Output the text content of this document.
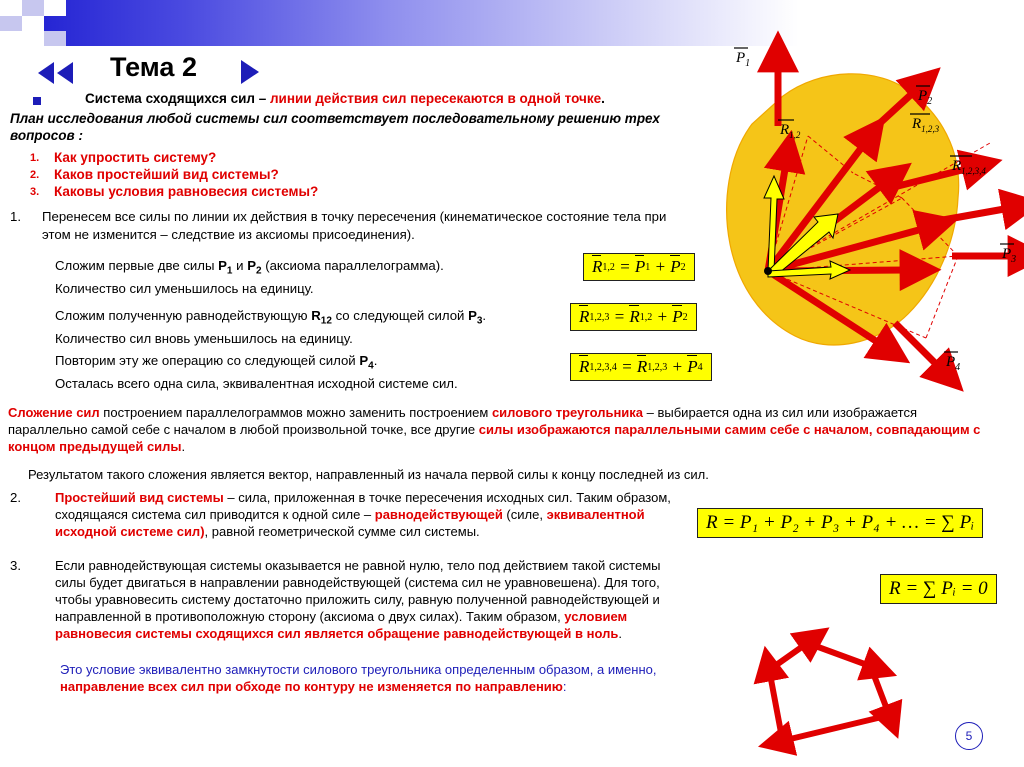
Тема 2
Система сходящихся сил – линии действия сил пересекаются в одной точке.
План исследования любой системы сил соответствует последовательному решению трех вопросов :
1.	Как упростить систему?
2.	Каков простейший вид системы?
3.	Каковы условия равновесия системы?
1.	Перенесем все силы по линии их действия в точку пересечения (кинематическое состояние тела при этом не изменится – следствие из аксиомы присоединения).
Сложим первые две силы $P_1$ и $P_2$ (аксиома параллелограмма).
Количество сил уменьшилось на единицу.
Сложим полученную равнодействующую $R_{12}$ со следующей силой $P_3$.
Количество сил вновь уменьшилось на единицу.
Повторим эту же операцию со следующей силой $P_4$.
Осталась всего одна сила, эквивалентная исходной системе сил.
R 1,2 = P 1 + P 2
R 1,2,3 = R 1,2 + P 2
R 1,2,3,4 = R 1,2,3 + P 4
R = P₁ + P₂ + P₃ + P₄ + … = ∑ Pᵢ
R = ∑ Pᵢ = 0
Сложение сил построением параллелограммов можно заменить построением силового треугольника – выбирается одна из сил или изображается параллельно самой себе с началом в любой произвольной точке, все другие силы изображаются параллельными самим себе с началом, совпадающим с концом предыдущей силы.
Результатом такого сложения является вектор, направленный из начала первой силы к концу последней из сил.
2.	Простейший вид системы – сила, приложенная в точке пересечения исходных сил. Таким образом, сходящаяся система сил приводится к одной силе – равнодействующей (силе, эквивалентной исходной системе сил), равной геометрической сумме сил системы.
3.	Если равнодействующая системы оказывается не равной нулю, тело под действием такой системы силы будет двигаться в направлении равнодействующей (система сил не уравновешена). Для того, чтобы уравновесить систему достаточно приложить силу, равную полученной равнодействующей и направленной в противоположную сторону (аксиома о двух силах). Таким образом, условием равновесия системы сходящихся сил является обращение равнодействующей в ноль.
Это условие эквивалентно замкнутости силового треугольника определенным образом, а именно, направление всех сил при обходе по контуру не изменяется по направлению:
$P_1$
$P_2$
$P_3$
$P_4$
$R_{1,2}$
$R_{1,2,3}$
$R_{1,2,3,4}$
5
